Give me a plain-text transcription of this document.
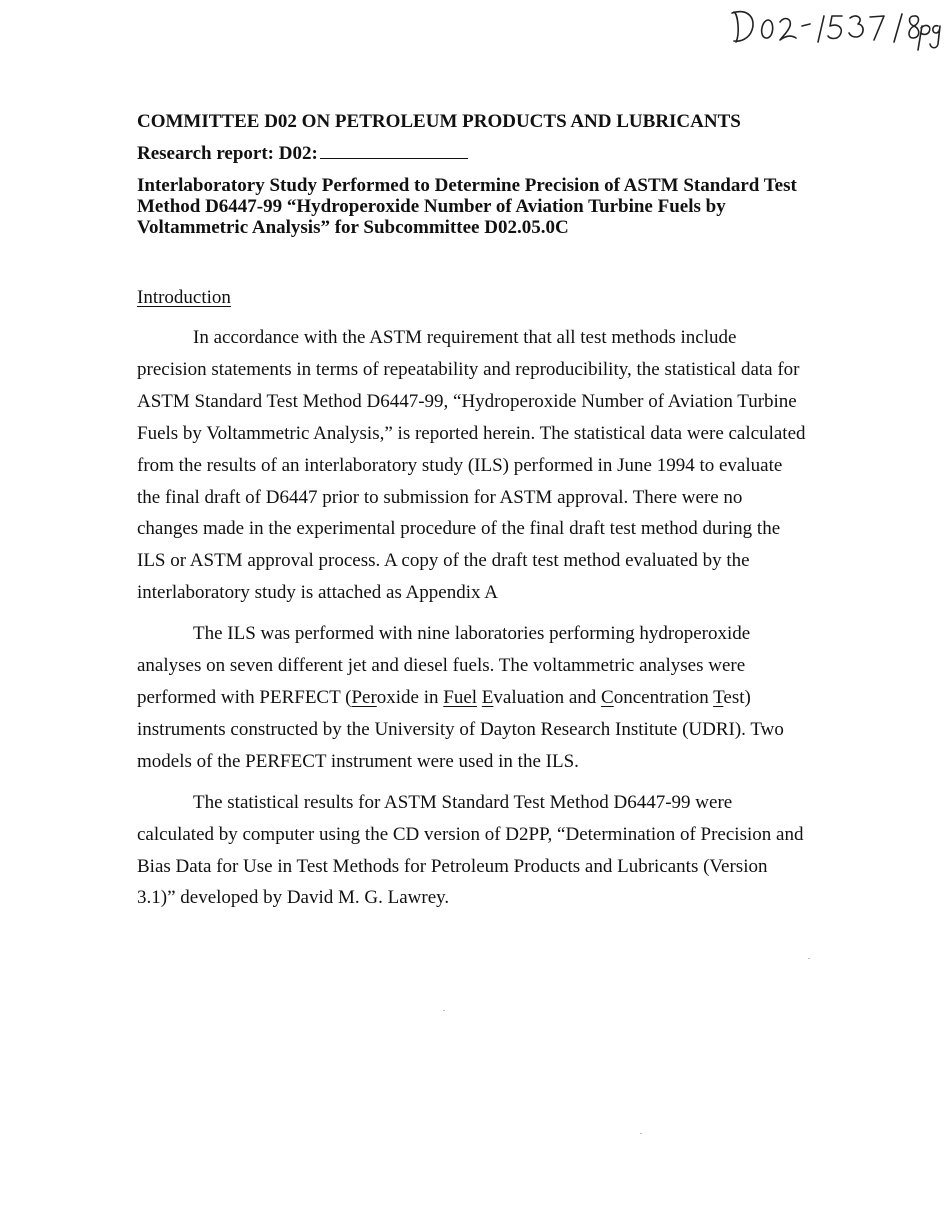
COMMITTEE D02 ON PETROLEUM PRODUCTS AND LUBRICANTS
Research report: D02:
Interlaboratory Study Performed to Determine Precision of ASTM Standard Test Method D6447-99 “Hydroperoxide Number of Aviation Turbine Fuels by Voltammetric Analysis” for Subcommittee D02.05.0C
Introduction
In accordance with the ASTM requirement that all test methods include precision statements in terms of repeatability and reproducibility, the statistical data for ASTM Standard Test Method D6447-99, “Hydroperoxide Number of Aviation Turbine Fuels by Voltammetric Analysis,” is reported herein. The statistical data were calculated from the results of an interlaboratory study (ILS) performed in June 1994 to evaluate the final draft of D6447 prior to submission for ASTM approval. There were no changes made in the experimental procedure of the final draft test method during the ILS or ASTM approval process. A copy of the draft test method evaluated by the interlaboratory study is attached as Appendix A
The ILS was performed with nine laboratories performing hydroperoxide analyses on seven different jet and diesel fuels. The voltammetric analyses were performed with PERFECT (Peroxide in Fuel Evaluation and Concentration Test) instruments constructed by the University of Dayton Research Institute (UDRI). Two models of the PERFECT instrument were used in the ILS.
The statistical results for ASTM Standard Test Method D6447-99 were calculated by computer using the CD version of D2PP, “Determination of Precision and Bias Data for Use in Test Methods for Petroleum Products and Lubricants (Version 3.1)” developed by David M. G. Lawrey.
